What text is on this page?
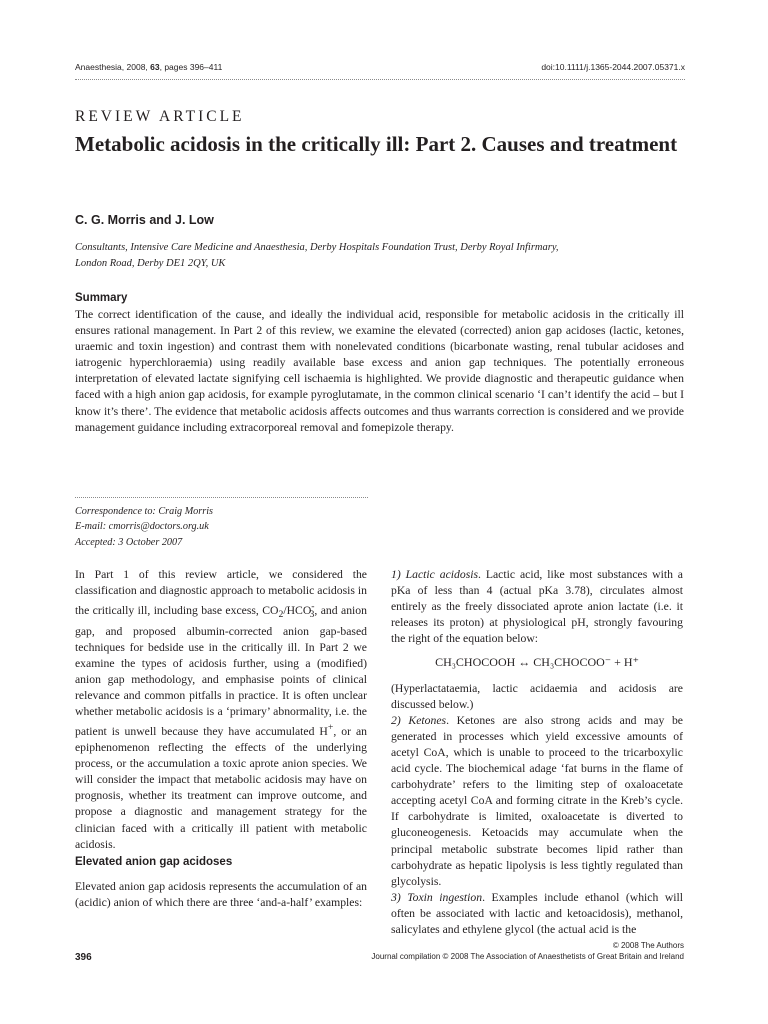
Anaesthesia, 2008, 63, pages 396–411	doi:10.1111/j.1365-2044.2007.05371.x
REVIEW ARTICLE
Metabolic acidosis in the critically ill: Part 2. Causes and treatment
C. G. Morris and J. Low
Consultants, Intensive Care Medicine and Anaesthesia, Derby Hospitals Foundation Trust, Derby Royal Infirmary,
London Road, Derby DE1 2QY, UK
Summary
The correct identification of the cause, and ideally the individual acid, responsible for metabolic acidosis in the critically ill ensures rational management. In Part 2 of this review, we examine the elevated (corrected) anion gap acidoses (lactic, ketones, uraemic and toxin ingestion) and contrast them with nonelevated conditions (bicarbonate wasting, renal tubular acidoses and iatrogenic hyperchloraemia) using readily available base excess and anion gap techniques. The potentially erroneous interpretation of elevated lactate signifying cell ischaemia is highlighted. We provide diagnostic and therapeutic guidance when faced with a high anion gap acidosis, for example pyroglutamate, in the common clinical scenario ‘I can’t identify the acid – but I know it’s there’. The evidence that metabolic acidosis affects outcomes and thus warrants correction is considered and we provide management guidance including extracorporeal removal and fomepizole therapy.
Correspondence to: Craig Morris
E-mail: cmorris@doctors.org.uk
Accepted: 3 October 2007

In Part 1 of this review article, we considered the classification and diagnostic approach to metabolic acidosis in the critically ill, including base excess, $CO_2/HCO^-_3$, and anion gap, and proposed albumin-corrected anion gap-based techniques for bedside use in the critically ill. In Part 2 we examine the types of acidosis further, using a (modified) anion gap methodology, and emphasise points of clinical relevance and common pitfalls in practice. It is often unclear whether metabolic acidosis is a ‘primary’ abnormality, i.e. the patient is unwell because they have accumulated H+, or an epiphenomenon reflecting the effects of the underlying process, or the accumulation a toxic aprote anion species. We will consider the impact that metabolic acidosis may have on prognosis, whether its treatment can improve outcome, and propose a diagnostic and management strategy for the clinician faced with a critically ill patient with metabolic acidosis.

Elevated anion gap acidoses

Elevated anion gap acidosis represents the accumulation of an (acidic) anion of which there are three ‘and-a-half’ examples:

1) Lactic acidosis. Lactic acid, like most substances with a pKa of less than 4 (actual pKa 3.78), circulates almost entirely as the freely dissociated aprote anion lactate (i.e. it releases its proton) at physiological pH, strongly favouring the right of the equation below:

CH₃CHOCOOH ↔ CH₃CHOCOO⁻ + H⁺

(Hyperlactataemia, lactic acidaemia and acidosis are discussed below.)

2) Ketones. Ketones are also strong acids and may be generated in processes which yield excessive amounts of acetyl CoA, which is unable to proceed to the tricarboxylic acid cycle. The biochemical adage ‘fat burns in the flame of carbohydrate’ refers to the limiting step of oxaloacetate accepting acetyl CoA and forming citrate in the Kreb’s cycle. If carbohydrate is limited, oxaloacetate is diverted to gluconeogenesis. Ketoacids may accumulate when the principal metabolic substrate becomes lipid rather than carbohydrate as hepatic lipolysis is less tightly regulated than glycolysis.

3) Toxin ingestion. Examples include ethanol (which will often be associated with lactic and ketoacidosis), methanol, salicylates and ethylene glycol (the actual acid is the

396
© 2008 The Authors
Journal compilation © 2008 The Association of Anaesthetists of Great Britain and Ireland
